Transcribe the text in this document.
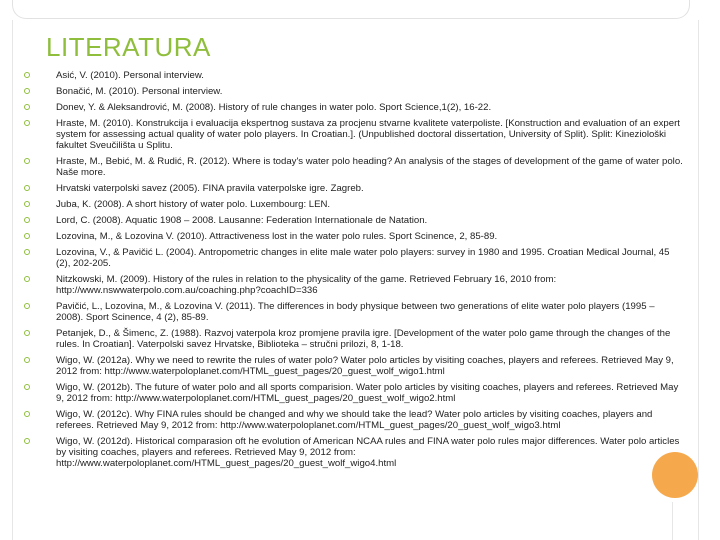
LITERATURA
Asić, V. (2010). Personal interview.
Bonačić, M. (2010). Personal interview.
Donev, Y. & Aleksandrović, M. (2008). History of rule changes in water polo. Sport Science,1(2), 16-22.
Hraste, M. (2010). Konstrukcija i evaluacija ekspertnog sustava za procjenu stvarne kvalitete vaterpoliste. [Konstruction and evaluation of an expert system for assessing actual quality of water polo players. In Croatian.]. (Unpublished doctoral dissertation, University of Split). Split: Kineziološki fakultet Sveučilišta u Splitu.
Hraste, M., Bebić, M. & Rudić, R. (2012). Where is today's water polo heading? An analysis of the stages of development of the game of water polo. Naše more.
Hrvatski vaterpolski savez (2005). FINA pravila vaterpolske igre. Zagreb.
Juba, K. (2008). A short history of water polo. Luxembourg: LEN.
Lord, C. (2008). Aquatic 1908 – 2008. Lausanne: Federation Internationale de Natation.
Lozovina, M., & Lozovina V. (2010). Attractiveness lost in the water polo rules. Sport Scinence, 2, 85-89.
Lozovina, V., & Pavičić L. (2004). Antropometric changes in elite male water polo players: survey in 1980 and 1995. Croatian Medical Journal, 45 (2), 202-205.
Nitzkowski, M. (2009). History of the rules in relation to the physicality of the game. Retrieved February 16, 2010 from: http://www.nswwaterpolo.com.au/coaching.php?coachID=336
Pavičić, L., Lozovina, M., & Lozovina V. (2011). The differences in body physique between two generations of elite water polo players (1995 – 2008). Sport Scinence, 4 (2), 85-89.
Petanjek, D., & Šimenc, Z. (1988). Razvoj vaterpola kroz promjene pravila igre. [Development of the water polo game through the changes of the rules. In Croatian]. Vaterpolski savez Hrvatske, Biblioteka – stručni prilozi, 8, 1-18.
Wigo, W. (2012a). Why we need to rewrite the rules of water polo? Water polo articles by visiting coaches, players and referees. Retrieved May 9, 2012 from: http://www.waterpoloplanet.com/HTML_guest_pages/20_guest_wolf_wigo1.html
Wigo, W. (2012b). The future of water polo and all sports comparision. Water polo articles by visiting coaches, players and referees. Retrieved May 9, 2012 from: http://www.waterpoloplanet.com/HTML_guest_pages/20_guest_wolf_wigo2.html
Wigo, W. (2012c). Why FINA rules should be changed and why we should take the lead? Water polo articles by visiting coaches, players and referees. Retrieved May 9, 2012 from: http://www.waterpoloplanet.com/HTML_guest_pages/20_guest_wolf_wigo3.html
Wigo, W. (2012d). Historical comparasion oft he evolution of American NCAA rules and FINA water polo rules major differences. Water polo articles by visiting coaches, players and referees. Retrieved May 9, 2012 from: http://www.waterpoloplanet.com/HTML_guest_pages/20_guest_wolf_wigo4.html
